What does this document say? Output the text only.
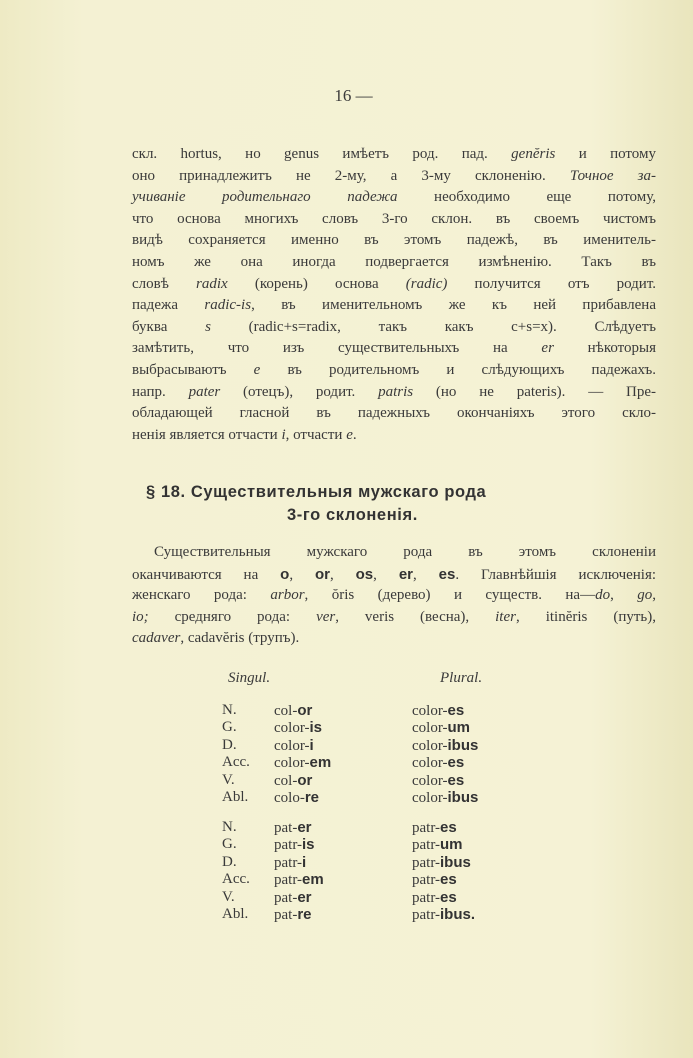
16 —
скл. hortus, но genus имѣетъ род. пад. genĕris и потому
оно принадлежитъ не 2-му, а 3-му склоненію. Точное за-
учиваніе родительнаго падежа необходимо еще потому,
что основа многихъ словъ 3-го склон. въ своемъ чистомъ
видѣ сохраняется именно въ этомъ падежѣ, въ именитель-
номъ же она иногда подвергается измѣненію. Такъ въ
словѣ radix (корень) основа (radic) получится отъ родит.
падежа radic-is, въ именительномъ же къ ней прибавлена
буква s (radic+s=radix, такъ какъ c+s=x). Слѣдуетъ
замѣтить, что изъ существительныхъ на er нѣкоторыя
выбрасываютъ e въ родительномъ и слѣдующихъ падежахъ.
напр. pater (отецъ), родит. patris (но не pateris). — Пре-
обладающей гласной въ падежныхъ окончаніяхъ этого скло-
ненія является отчасти i, отчасти e.
§ 18. Существительныя мужскаго рода
3-го склоненія.
Существительныя мужскаго рода въ этомъ склоненіи
оканчиваются на o, or, os, er, es. Главнѣйшія исключенія:
женскаго рода: arbor, ŏris (дерево) и существ. на—do, go,
io; средняго рода: ver, veris (весна), iter, itinĕris (путь),
cadaver, cadavĕris (трупъ).
Singul.	Plural.
N. col-or	color-es
G. color-is	color-um
D. color-i	color-ibus
Acc. color-em	color-es
V.	col-or	color-es
Abl. colo-re	color-ibus
N. pat-er	patr-es
G. patr-is	patr-um
D. patr-i	patr-ibus
Acc. patr-em	patr-es
V.	pat-er	patr-es
Abl. pat-re	patr-ibus.
